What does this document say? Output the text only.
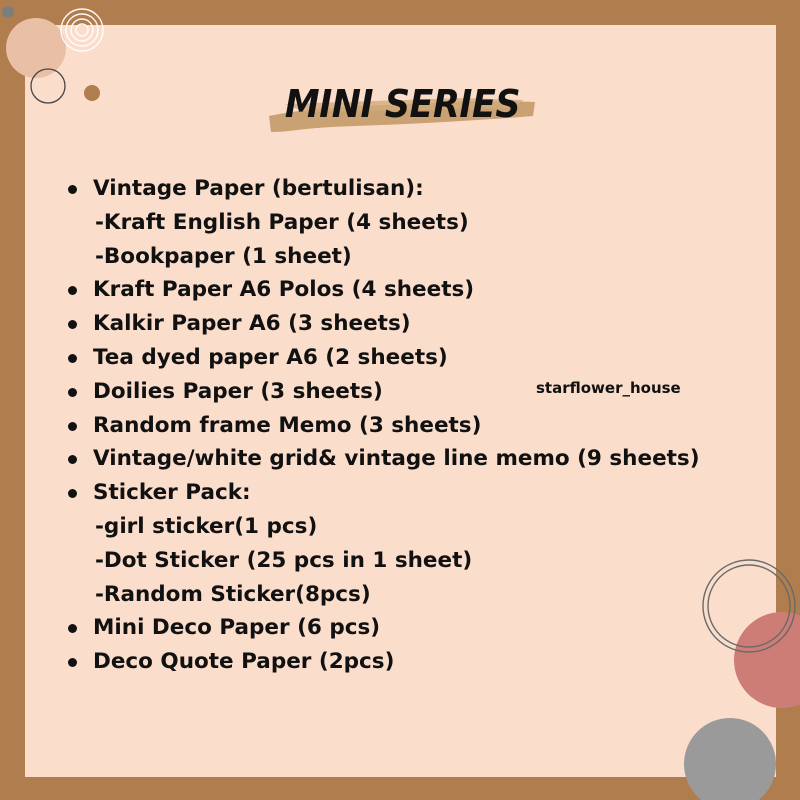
MINI SERIES
Vintage Paper (bertulisan):
-Kraft English Paper (4 sheets)
-Bookpaper (1 sheet)
Kraft Paper A6 Polos (4 sheets)
Kalkir Paper A6 (3 sheets)
Tea dyed paper A6 (2 sheets)
Doilies Paper (3 sheets)
Random frame Memo (3 sheets)
Vintage/white grid& vintage line memo (9 sheets)
Sticker Pack:
-girl sticker(1 pcs)
-Dot Sticker (25 pcs in 1 sheet)
-Random Sticker(8pcs)
Mini Deco Paper (6 pcs)
Deco Quote Paper (2pcs)
starflower_house
